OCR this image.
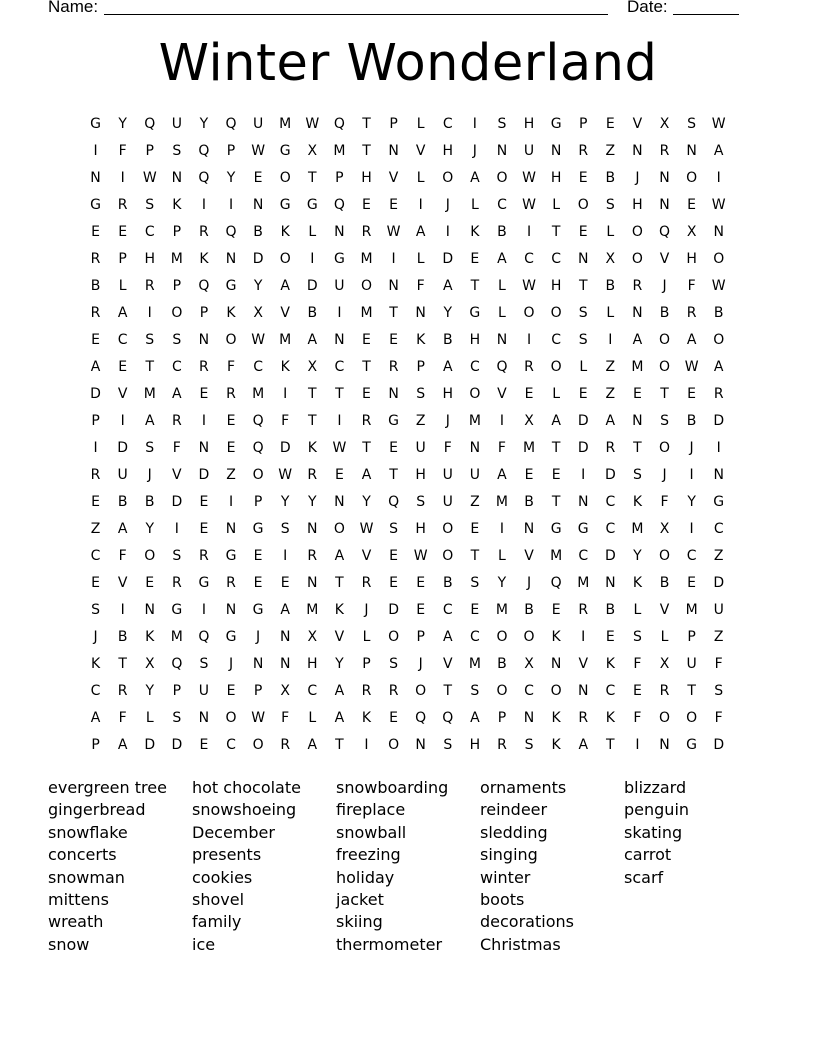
Name:	Date:
Winter Wonderland
G	Y	Q	U	Y	Q	U	M	W	Q	T	P	L	C	I	S	H	G	P	E	V	X	S	W
I	F	P	S	Q	P	W	G	X	M	T	N	V	H	J	N	U	N	R	Z	N	R	N	A
N	I	W	N	Q	Y	E	O	T	P	H	V	L	O	A	O	W	H	E	B	J	N	O	I
G	R	S	K	I	I	N	G	G	Q	E	E	I	J	L	C	W	L	O	S	H	N	E	W
E	E	C	P	R	Q	B	K	L	N	R	W	A	I	K	B	I	T	E	L	O	Q	X	N
R	P	H	M	K	N	D	O	I	G	M	I	L	D	E	A	C	C	N	X	O	V	H	O
B	L	R	P	Q	G	Y	A	D	U	O	N	F	A	T	L	W	H	T	B	R	J	F	W
R	A	I	O	P	K	X	V	B	I	M	T	N	Y	G	L	O	O	S	L	N	B	R	B
E	C	S	S	N	O	W	M	A	N	E	E	K	B	H	N	I	C	S	I	A	O	A	O
A	E	T	C	R	F	C	K	X	C	T	R	P	A	C	Q	R	O	L	Z	M	O	W	A
D	V	M	A	E	R	M	I	T	T	E	N	S	H	O	V	E	L	E	Z	E	T	E	R
P	I	A	R	I	E	Q	F	T	I	R	G	Z	J	M	I	X	A	D	A	N	S	B	D
I	D	S	F	N	E	Q	D	K	W	T	E	U	F	N	F	M	T	D	R	T	O	J	I
R	U	J	V	D	Z	O	W	R	E	A	T	H	U	U	A	E	E	I	D	S	J	I	N
E	B	B	D	E	I	P	Y	Y	N	Y	Q	S	U	Z	M	B	T	N	C	K	F	Y	G
Z	A	Y	I	E	N	G	S	N	O	W	S	H	O	E	I	N	G	G	C	M	X	I	C
C	F	O	S	R	G	E	I	R	A	V	E	W	O	T	L	V	M	C	D	Y	O	C	Z
E	V	E	R	G	R	E	E	N	T	R	E	E	B	S	Y	J	Q	M	N	K	B	E	D
S	I	N	G	I	N	G	A	M	K	J	D	E	C	E	M	B	E	R	B	L	V	M	U
J	B	K	M	Q	G	J	N	X	V	L	O	P	A	C	O	O	K	I	E	S	L	P	Z
K	T	X	Q	S	J	N	N	H	Y	P	S	J	V	M	B	X	N	V	K	F	X	U	F
C	R	Y	P	U	E	P	X	C	A	R	R	O	T	S	O	C	O	N	C	E	R	T	S
A	F	L	S	N	O	W	F	L	A	K	E	Q	Q	A	P	N	K	R	K	F	O	O	F
P	A	D	D	E	C	O	R	A	T	I	O	N	S	H	R	S	K	A	T	I	N	G	D
evergreen tree
gingerbread
snowflake
concerts
snowman
mittens
wreath
snow
hot chocolate
snowshoeing
December
presents
cookies
shovel
family
ice
snowboarding
fireplace
snowball
freezing
holiday
jacket
skiing
thermometer
ornaments
reindeer
sledding
singing
winter
boots
decorations
Christmas
blizzard
penguin
skating
carrot
scarf
